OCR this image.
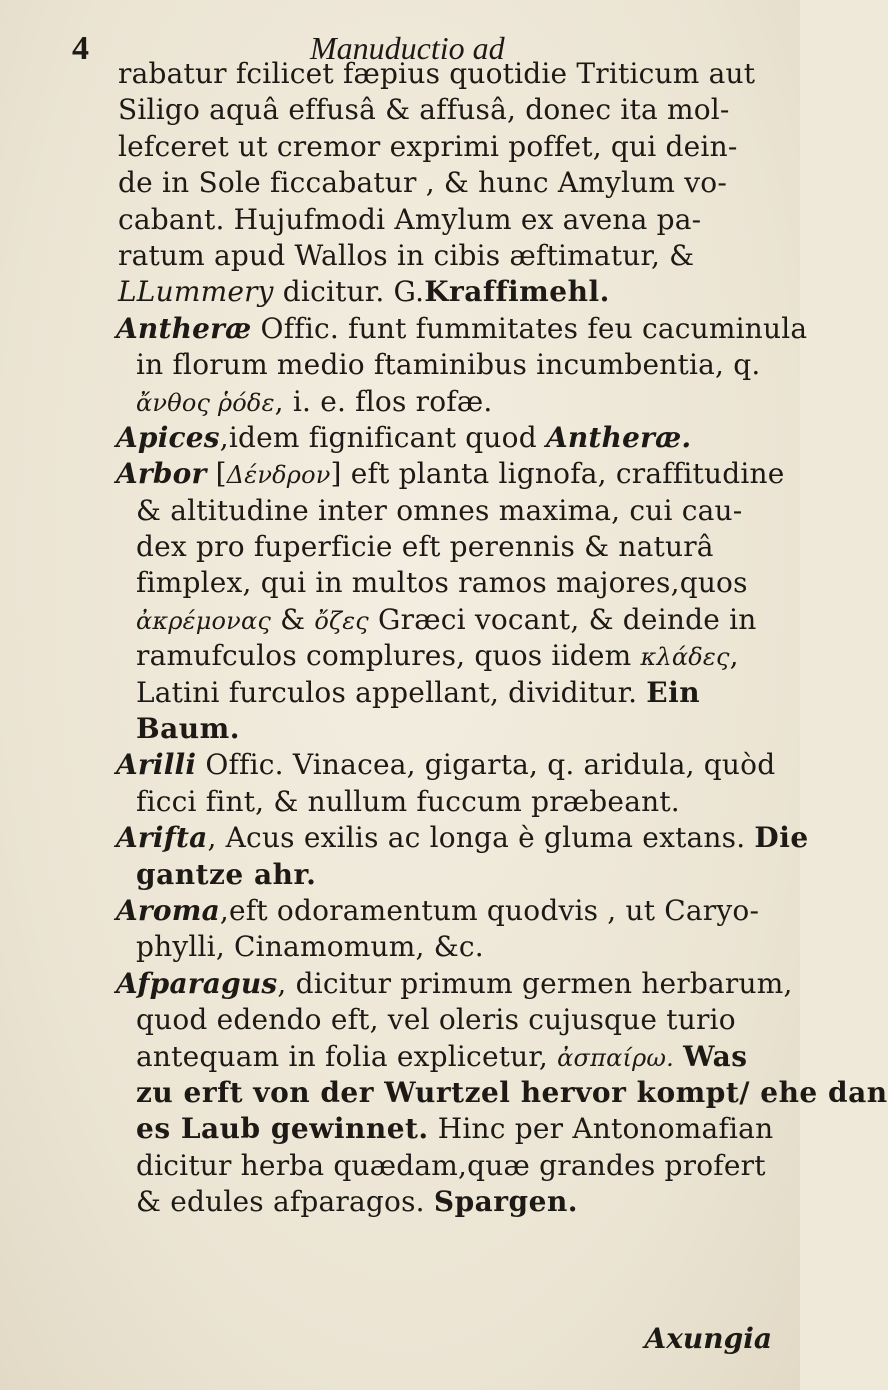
4	Manuductio ad
rabatur fcilicet fæpius quotidie Triticum aut
Siligo aquâ effusâ & affusâ, donec ita mol-
lefceret ut cremor exprimi poffet, qui dein-
de in Sole ficcabatur , & hunc Amylum vo-
cabant. Hujufmodi Amylum ex avena pa-
ratum apud Wallos in cibis æftimatur, &
LLummery dicitur. G.Kraffimehl.
Antheræ Offic. funt fummitates feu cacuminula
in florum medio ftaminibus incumbentia, q.
ἄνθος ῥόδε, i. e. flos rofæ.
Apices,idem fignificant quod Antheræ.
Arbor [Δένδρον] eft planta lignofa, craffitudine
& altitudine inter omnes maxima, cui cau-
dex pro fuperficie eft perennis & naturâ
fimplex, qui in multos ramos majores,quos
ἀκρέμονας & ὄζες Græci vocant, & deinde in
ramufculos complures, quos iidem κλάδες,
Latini furculos appellant, dividitur. Ein
Baum.
Arilli Offic. Vinacea, gigarta, q. aridula, quòd
ficci fint, & nullum fuccum præbeant.
Arifta, Acus exilis ac longa è gluma extans. Die
gantze ahr.
Aroma,eft odoramentum quodvis , ut Caryo-
phylli, Cinamomum, &c.
Afparagus, dicitur primum germen herbarum,
quod edendo eft, vel oleris cujusque turio
antequam in folia explicetur, ἀσπαίρω. Was
zu erft von der Wurtzel hervor kompt/ ehe dan
es Laub gewinnet. Hinc per Antonomafian
dicitur herba quædam,quæ grandes profert
& edules afparagos. Spargen.
Axungia
